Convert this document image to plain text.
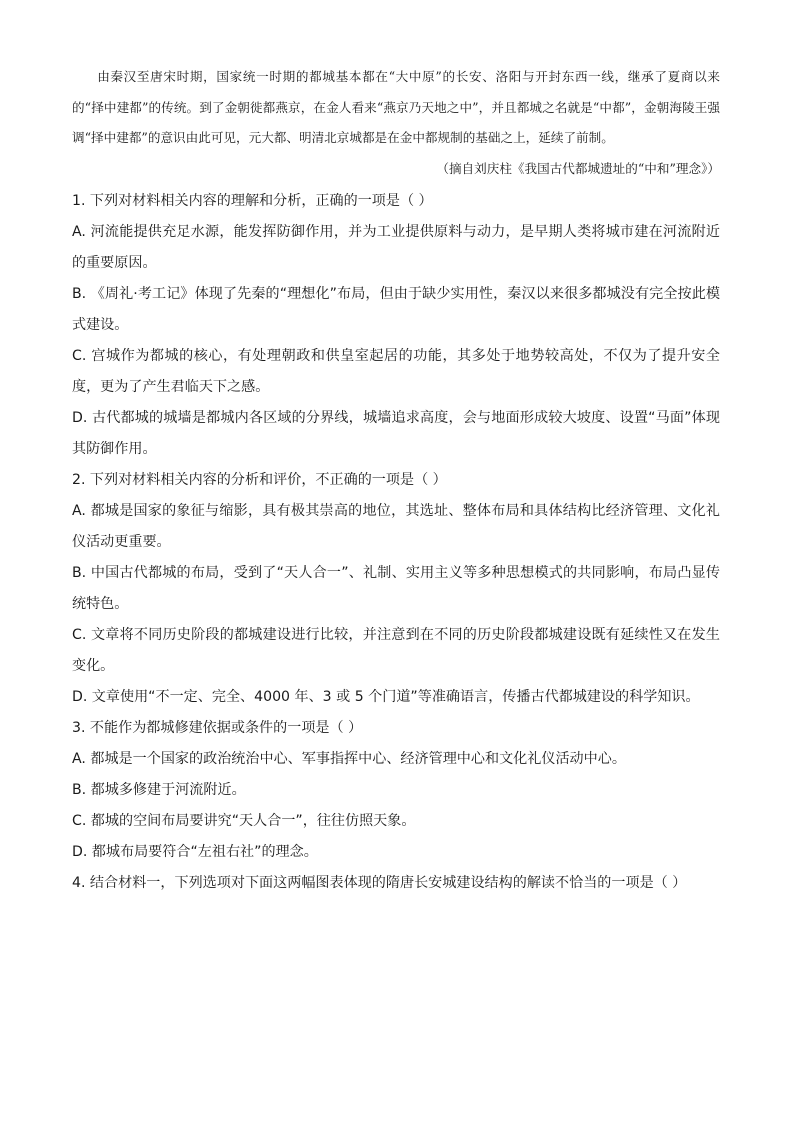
由秦汉至唐宋时期，国家统一时期的都城基本都在“大中原”的长安、洛阳与开封东西一线，继承了夏商以来的“择中建都”的传统。到了金朝徙都燕京，在金人看来“燕京乃天地之中”，并且都城之名就是“中都”，金朝海陵王强调“择中建都”的意识由此可见，元大都、明清北京城都是在金中都规制的基础之上，延续了前制。

（摘自刘庆柱《我国古代都城遗址的“中和”理念》）

1. 下列对材料相关内容的理解和分析，正确的一项是（ ）

A. 河流能提供充足水源，能发挥防御作用，并为工业提供原料与动力，是早期人类将城市建在河流附近的重要原因。

B. 《周礼·考工记》体现了先秦的“理想化”布局，但由于缺少实用性，秦汉以来很多都城没有完全按此模式建设。

C. 宫城作为都城的核心，有处理朝政和供皇室起居的功能，其多处于地势较高处，不仅为了提升安全度，更为了产生君临天下之感。

D. 古代都城的城墙是都城内各区域的分界线，城墙追求高度，会与地面形成较大坡度、设置“马面”体现其防御作用。

2. 下列对材料相关内容的分析和评价，不正确的一项是（ ）

A. 都城是国家的象征与缩影，具有极其崇高的地位，其选址、整体布局和具体结构比经济管理、文化礼仪活动更重要。

B. 中国古代都城的布局，受到了“天人合一”、礼制、实用主义等多种思想模式的共同影响，布局凸显传统特色。

C. 文章将不同历史阶段的都城建设进行比较，并注意到在不同的历史阶段都城建设既有延续性又在发生变化。

D. 文章使用“不一定、完全、4000 年、3 或 5 个门道”等准确语言，传播古代都城建设的科学知识。

3. 不能作为都城修建依据或条件的一项是（ ）

A. 都城是一个国家的政治统治中心、军事指挥中心、经济管理中心和文化礼仪活动中心。

B. 都城多修建于河流附近。

C. 都城的空间布局要讲究“天人合一”，往往仿照天象。

D. 都城布局要符合“左祖右社”的理念。

4. 结合材料一，下列选项对下面这两幅图表体现的隋唐长安城建设结构的解读不恰当的一项是（ ）
